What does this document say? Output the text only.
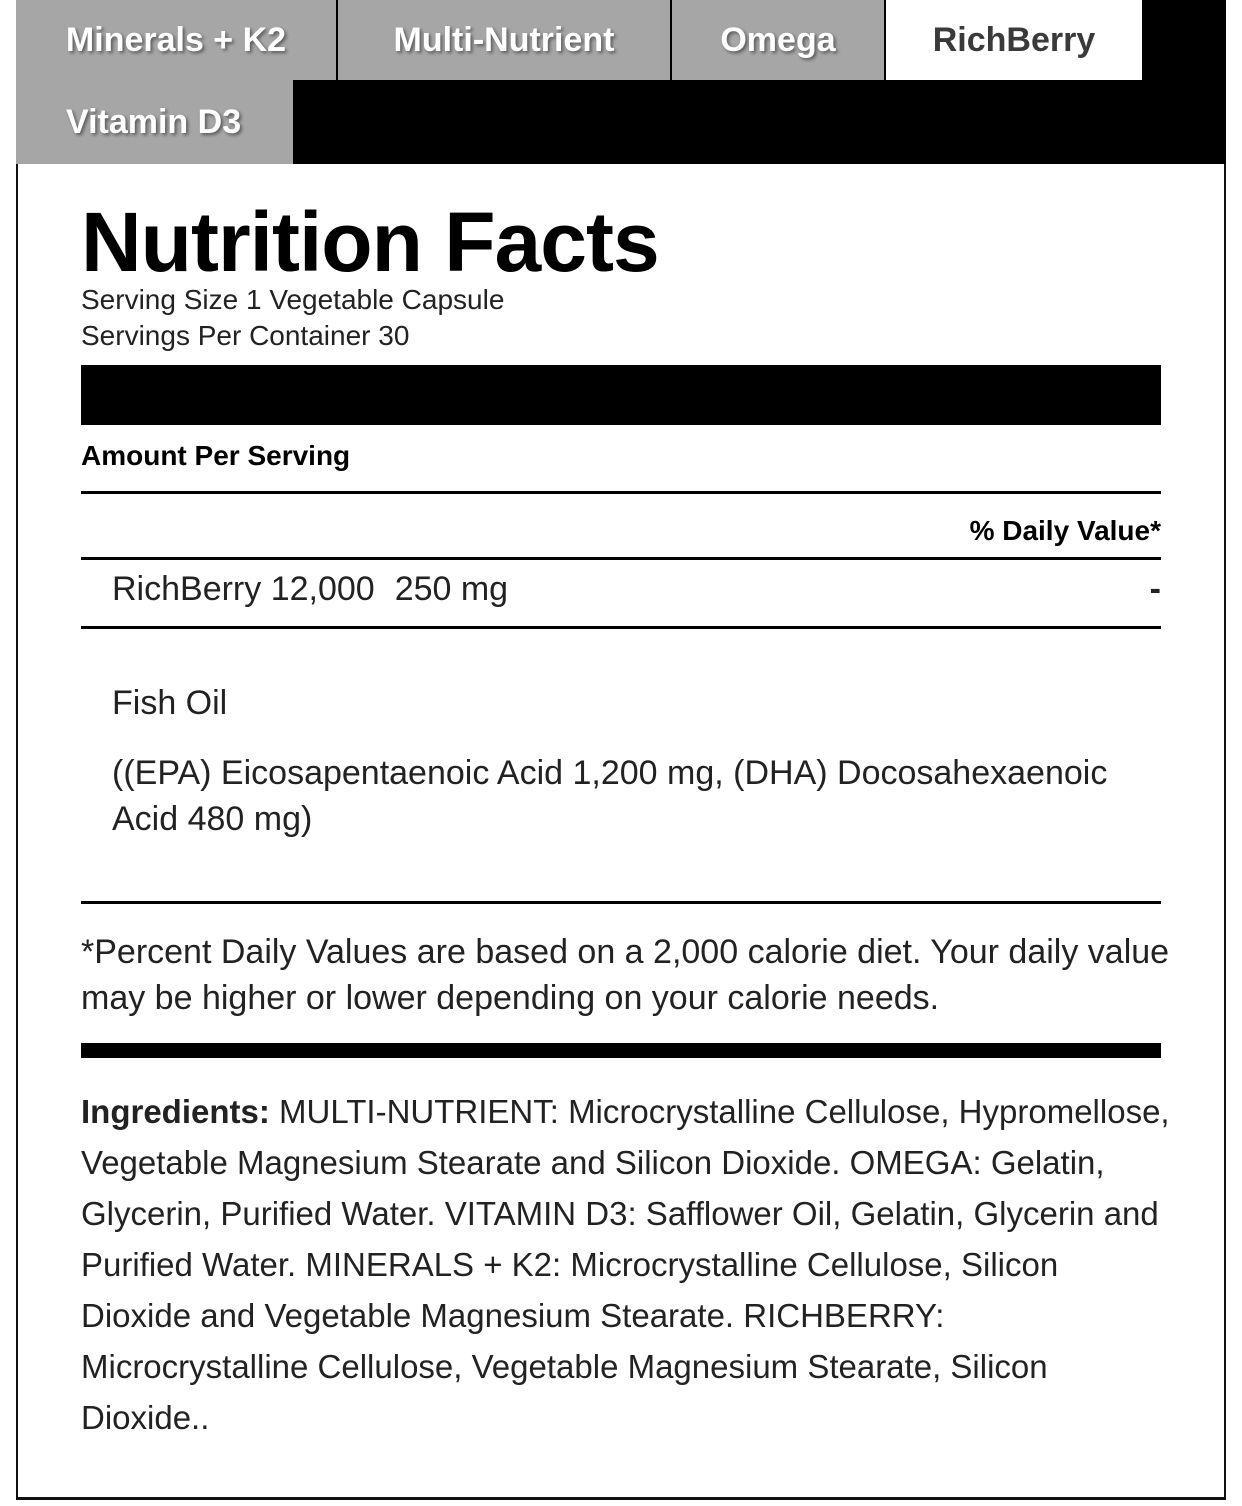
Minerals + K2	Multi-Nutrient	Omega	RichBerry
Vitamin D3
Nutrition Facts
Serving Size 1 Vegetable Capsule
Servings Per Container 30
Amount Per Serving
% Daily Value*
RichBerry 12,000 250 mg	-
Fish Oil
((EPA) Eicosapentaenoic Acid 1,200 mg, (DHA) Docosahexaenoic Acid 480 mg)
*Percent Daily Values are based on a 2,000 calorie diet. Your daily value may be higher or lower depending on your calorie needs.
Ingredients: MULTI-NUTRIENT: Microcrystalline Cellulose, Hypromellose, Vegetable Magnesium Stearate and Silicon Dioxide. OMEGA: Gelatin, Glycerin, Purified Water. VITAMIN D3: Safflower Oil, Gelatin, Glycerin and Purified Water. MINERALS + K2: Microcrystalline Cellulose, Silicon Dioxide and Vegetable Magnesium Stearate. RICHBERRY: Microcrystalline Cellulose, Vegetable Magnesium Stearate, Silicon Dioxide..
